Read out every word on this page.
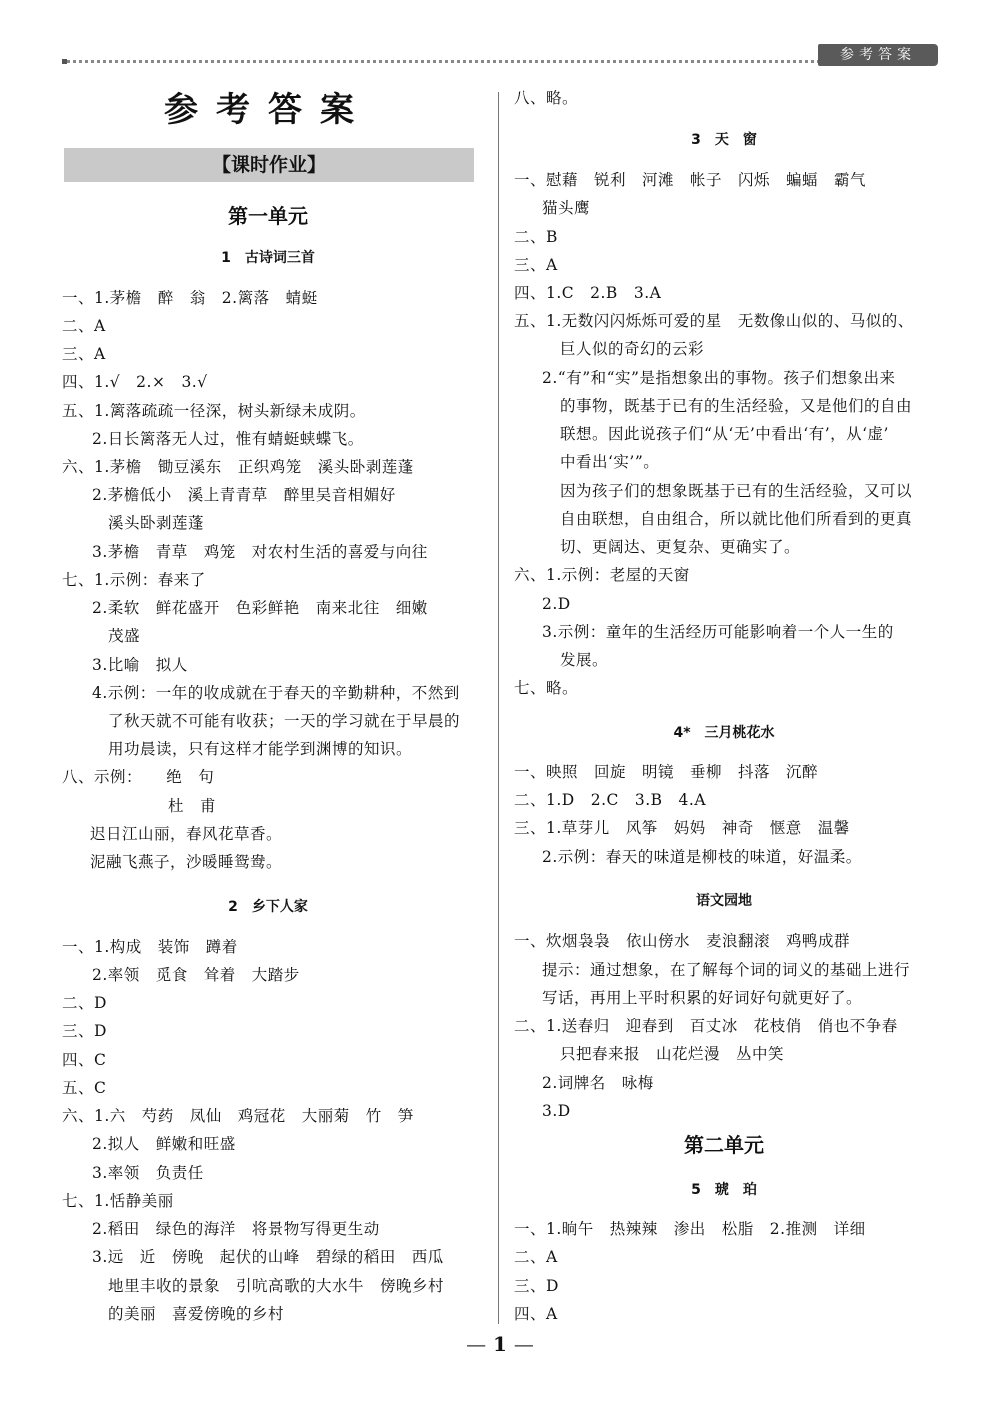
参考答案
参考答案
【课时作业】
第一单元
1　古诗词三首
一、1.茅檐　醉　翁　2.篱落　蜻蜓
二、A
三、A
四、1.√　2.×　3.√
五、1.篱落疏疏一径深，树头新绿未成阴。
2.日长篱落无人过，惟有蜻蜓蛱蝶飞。
六、1.茅檐　锄豆溪东　正织鸡笼　溪头卧剥莲蓬
2.茅檐低小　溪上青青草　醉里吴音相媚好
溪头卧剥莲蓬
3.茅檐　青草　鸡笼　对农村生活的喜爱与向往
七、1.示例：春来了
2.柔软　鲜花盛开　色彩鲜艳　南来北往　细嫩
茂盛
3.比喻　拟人
4.示例：一年的收成就在于春天的辛勤耕种，不然到
了秋天就不可能有收获；一天的学习就在于早晨的
用功晨读，只有这样才能学到渊博的知识。
八、示例：　　绝　句
杜　甫
迟日江山丽，春风花草香。
泥融飞燕子，沙暖睡鸳鸯。
2　乡下人家
一、1.构成　装饰　蹲着
2.率领　觅食　耸着　大踏步
二、D
三、D
四、C
五、C
六、1.六　芍药　凤仙　鸡冠花　大丽菊　竹　笋
2.拟人　鲜嫩和旺盛
3.率领　负责任
七、1.恬静美丽
2.稻田　绿色的海洋　将景物写得更生动
3.远　近　傍晚　起伏的山峰　碧绿的稻田　西瓜
地里丰收的景象　引吭高歌的大水牛　傍晚乡村
的美丽　喜爱傍晚的乡村
八、略。
3　天　窗
一、慰藉　锐利　河滩　帐子　闪烁　蝙蝠　霸气
猫头鹰
二、B
三、A
四、1.C　2.B　3.A
五、1.无数闪闪烁烁可爱的星　无数像山似的、马似的、
巨人似的奇幻的云彩
2.“有”和“实”是指想象出的事物。孩子们想象出来
的事物，既基于已有的生活经验，又是他们的自由
联想。因此说孩子们“从‘无’中看出‘有’，从‘虚’
中看出‘实’”。
因为孩子们的想象既基于已有的生活经验，又可以
自由联想，自由组合，所以就比他们所看到的更真
切、更阔达、更复杂、更确实了。
六、1.示例：老屋的天窗
2.D
3.示例：童年的生活经历可能影响着一个人一生的
发展。
七、略。
4*　三月桃花水
一、映照　回旋　明镜　垂柳　抖落　沉醉
二、1.D　2.C　3.B　4.A
三、1.草芽儿　风筝　妈妈　神奇　惬意　温馨
2.示例：春天的味道是柳枝的味道，好温柔。
语文园地
一、炊烟袅袅　依山傍水　麦浪翻滚　鸡鸭成群
提示：通过想象，在了解每个词的词义的基础上进行
写话，再用上平时积累的好词好句就更好了。
二、1.送春归　迎春到　百丈冰　花枝俏　俏也不争春
只把春来报　山花烂漫　丛中笑
2.词牌名　咏梅
3.D
第二单元
5　琥　珀
一、1.晌午　热辣辣　渗出　松脂　2.推测　详细
二、A
三、D
四、A
— 1 —
